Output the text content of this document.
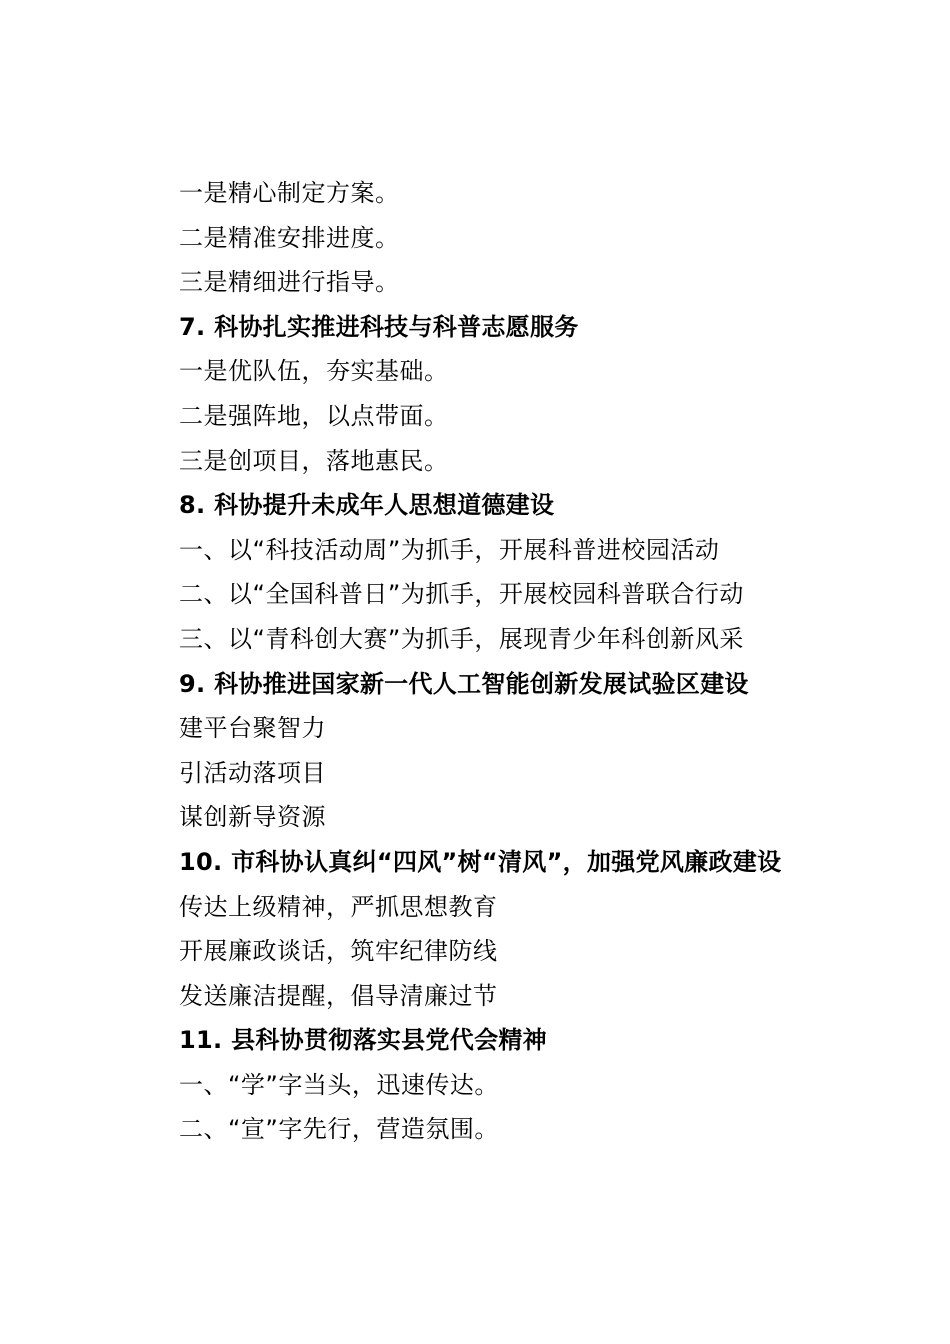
一是精心制定方案。
二是精准安排进度。
三是精细进行指导。
7. 科协扎实推进科技与科普志愿服务
一是优队伍，夯实基础。
二是强阵地，以点带面。
三是创项目，落地惠民。
8. 科协提升未成年人思想道德建设
一、以“科技活动周”为抓手，开展科普进校园活动
二、以“全国科普日”为抓手，开展校园科普联合行动
三、以“青科创大赛”为抓手，展现青少年科创新风采
9. 科协推进国家新一代人工智能创新发展试验区建设
建平台聚智力
引活动落项目
谋创新导资源
10. 市科协认真纠“四风”树“清风”，加强党风廉政建设
传达上级精神，严抓思想教育
开展廉政谈话，筑牢纪律防线
发送廉洁提醒，倡导清廉过节
11. 县科协贯彻落实县党代会精神
一、“学”字当头，迅速传达。
二、“宣”字先行，营造氛围。
